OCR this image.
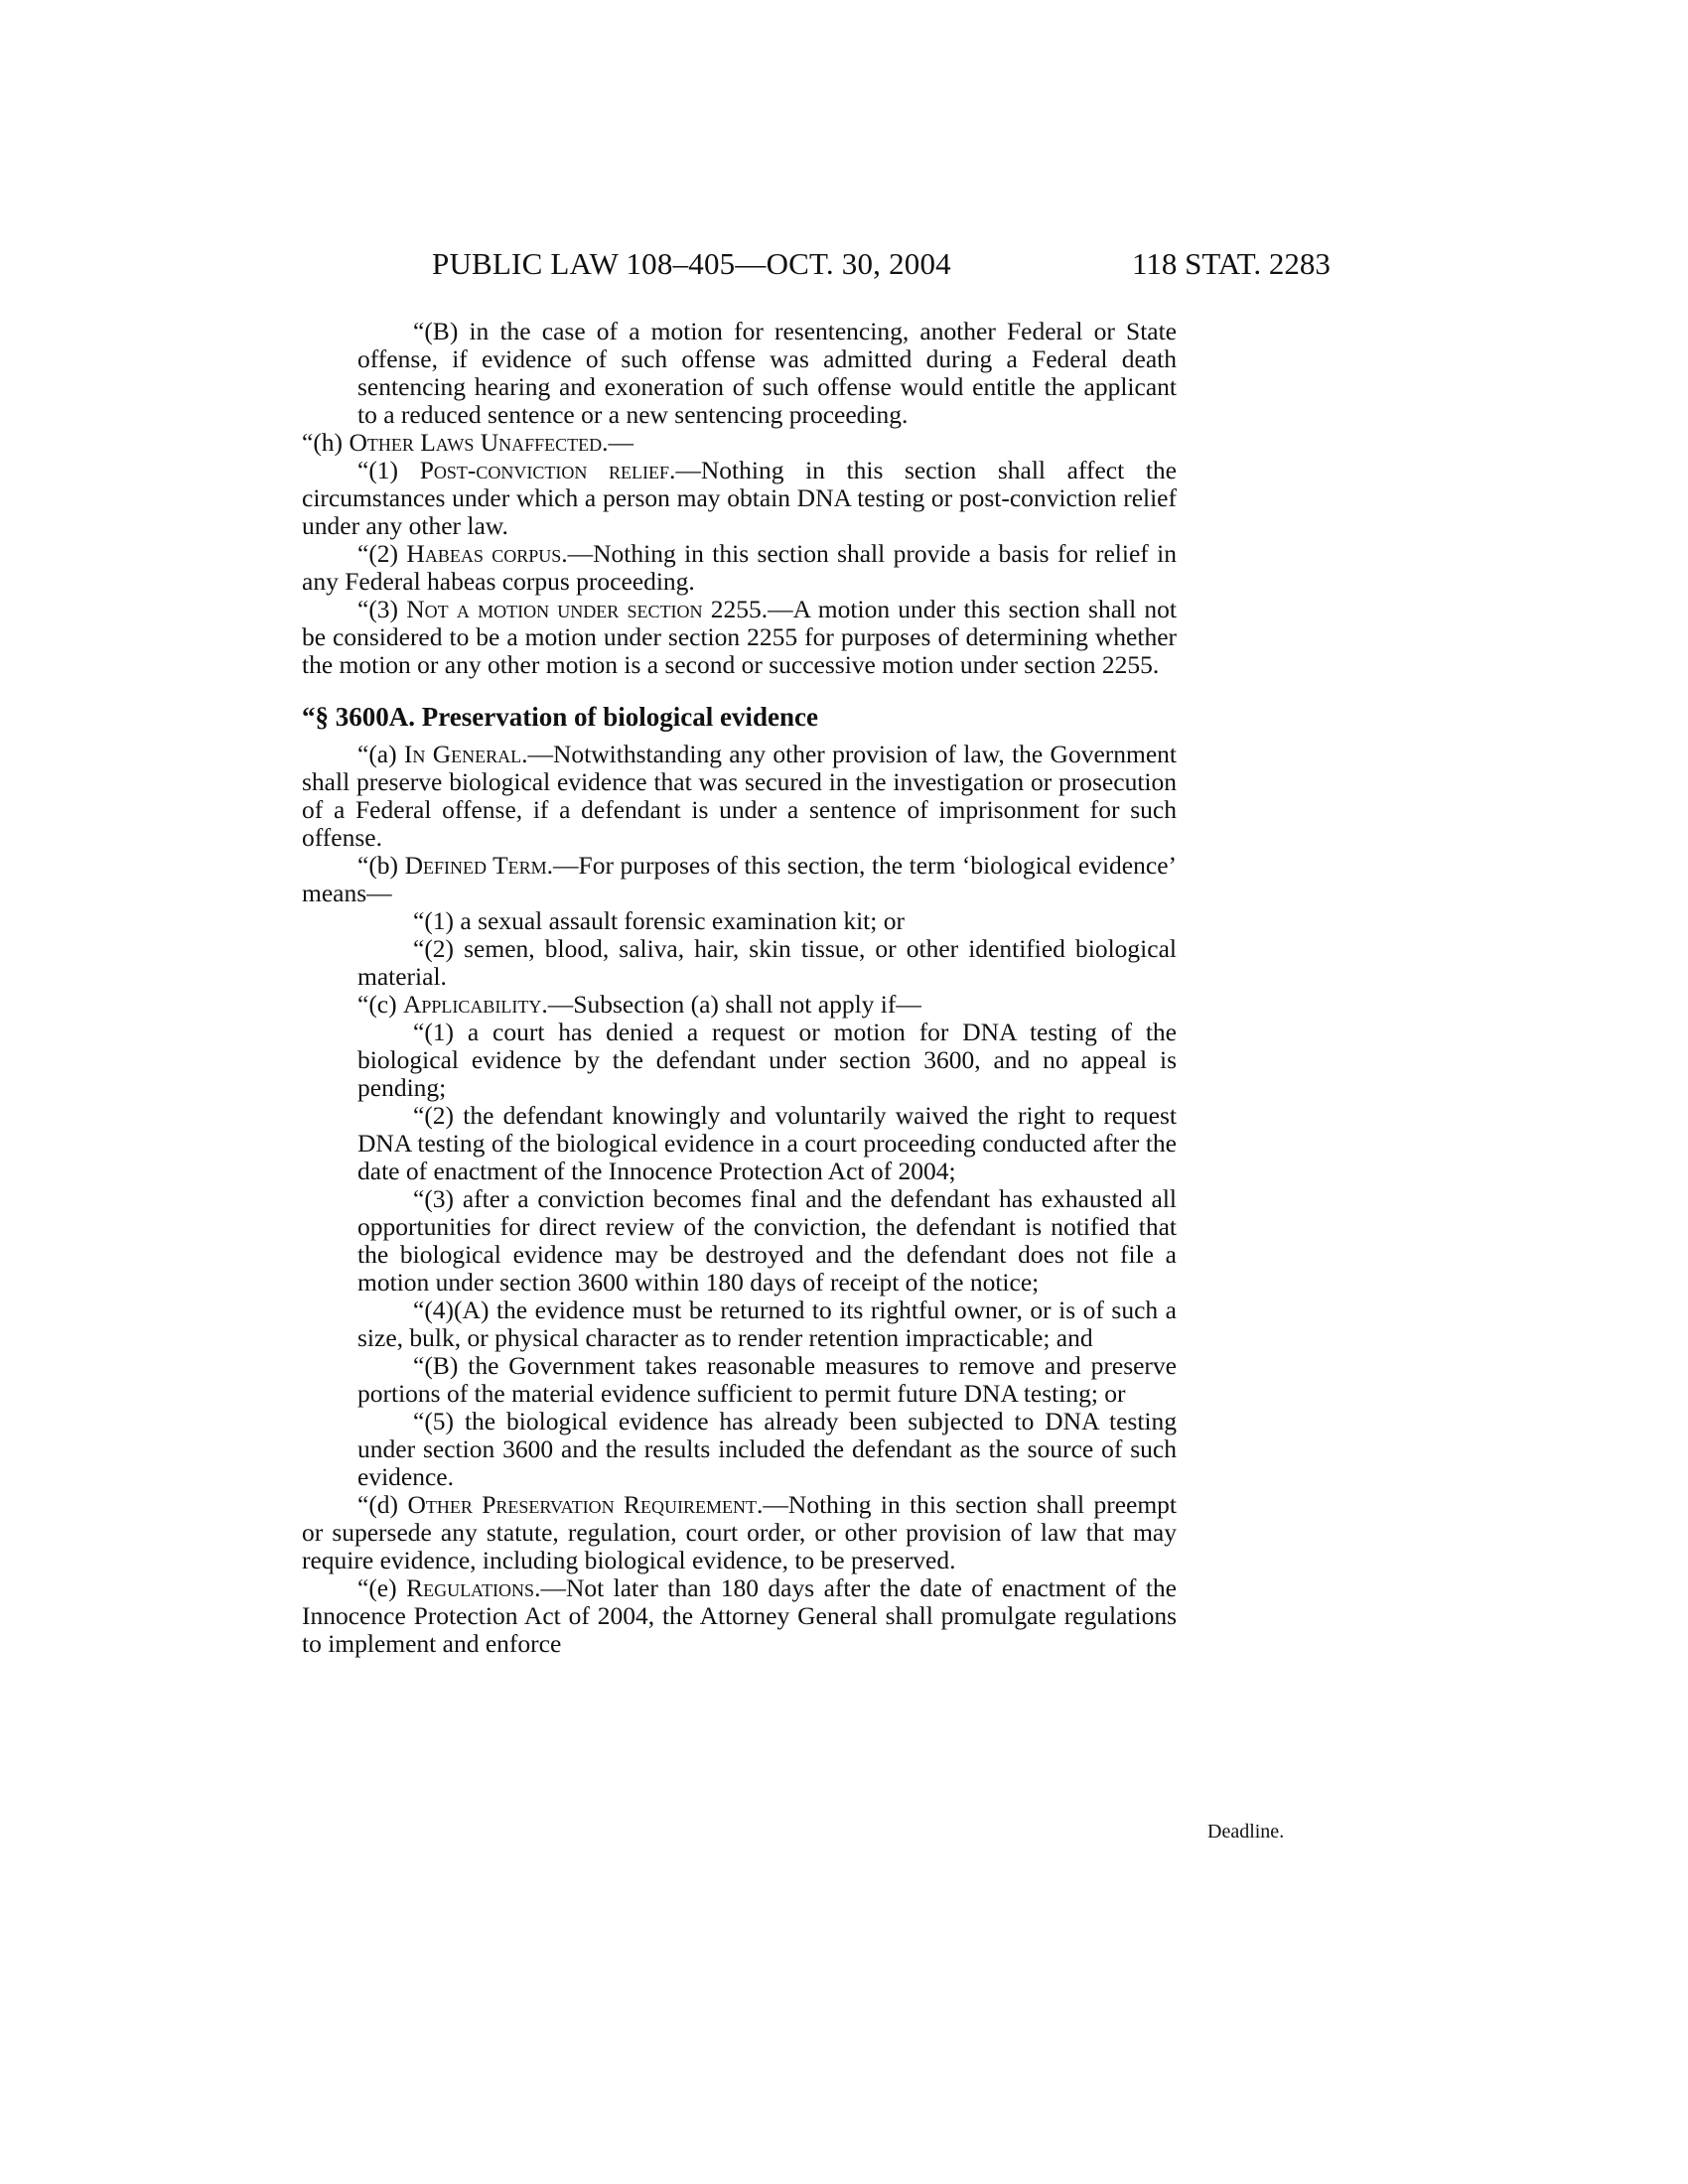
PUBLIC LAW 108–405—OCT. 30, 2004	118 STAT. 2283

“(B) in the case of a motion for resentencing, another Federal or State offense, if evidence of such offense was admitted during a Federal death sentencing hearing and exoneration of such offense would entitle the applicant to a reduced sentence or a new sentencing proceeding.

“(h) Other Laws Unaffected.—

“(1) Post-conviction relief.—Nothing in this section shall affect the circumstances under which a person may obtain DNA testing or post-conviction relief under any other law.

“(2) Habeas corpus.—Nothing in this section shall provide a basis for relief in any Federal habeas corpus proceeding.

“(3) Not a motion under section 2255.—A motion under this section shall not be considered to be a motion under section 2255 for purposes of determining whether the motion or any other motion is a second or successive motion under section 2255.

“§ 3600A. Preservation of biological evidence

“(a) In General.—Notwithstanding any other provision of law, the Government shall preserve biological evidence that was secured in the investigation or prosecution of a Federal offense, if a defendant is under a sentence of imprisonment for such offense.

“(b) Defined Term.—For purposes of this section, the term ‘biological evidence’ means—

“(1) a sexual assault forensic examination kit; or

“(2) semen, blood, saliva, hair, skin tissue, or other identified biological material.

“(c) Applicability.—Subsection (a) shall not apply if—

“(1) a court has denied a request or motion for DNA testing of the biological evidence by the defendant under section 3600, and no appeal is pending;

“(2) the defendant knowingly and voluntarily waived the right to request DNA testing of the biological evidence in a court proceeding conducted after the date of enactment of the Innocence Protection Act of 2004;

“(3) after a conviction becomes final and the defendant has exhausted all opportunities for direct review of the conviction, the defendant is notified that the biological evidence may be destroyed and the defendant does not file a motion under section 3600 within 180 days of receipt of the notice;

“(4)(A) the evidence must be returned to its rightful owner, or is of such a size, bulk, or physical character as to render retention impracticable; and

“(B) the Government takes reasonable measures to remove and preserve portions of the material evidence sufficient to permit future DNA testing; or

“(5) the biological evidence has already been subjected to DNA testing under section 3600 and the results included the defendant as the source of such evidence.

“(d) Other Preservation Requirement.—Nothing in this section shall preempt or supersede any statute, regulation, court order, or other provision of law that may require evidence, including biological evidence, to be preserved.

“(e) Regulations.—Not later than 180 days after the date of enactment of the Innocence Protection Act of 2004, the Attorney General shall promulgate regulations to implement and enforce

Deadline.
